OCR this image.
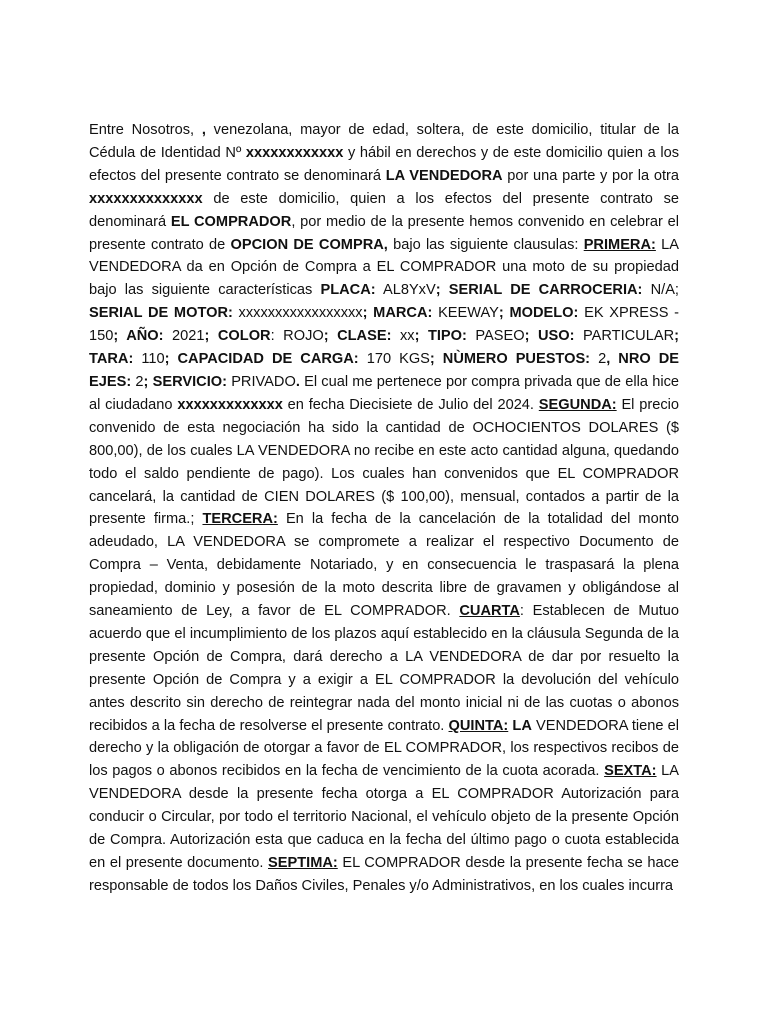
Entre Nosotros, , venezolana, mayor de edad, soltera, de este domicilio, titular de la Cédula de Identidad Nº xxxxxxxxxxxx y hábil en derechos y de este domicilio quien a los efectos del presente contrato se denominará LA VENDEDORA por una parte y por la otra xxxxxxxxxxxxxx de este domicilio, quien a los efectos del presente contrato se denominará EL COMPRADOR, por medio de la presente hemos convenido en celebrar el presente contrato de OPCION DE COMPRA, bajo las siguiente clausulas: PRIMERA: LA VENDEDORA da en Opción de Compra a EL COMPRADOR una moto de su propiedad bajo las siguiente características PLACA: AL8YxV; SERIAL DE CARROCERIA: N/A; SERIAL DE MOTOR: xxxxxxxxxxxxxxxxx; MARCA: KEEWAY; MODELO: EK XPRESS - 150; AÑO: 2021; COLOR: ROJO; CLASE: xx; TIPO: PASEO; USO: PARTICULAR; TARA: 110; CAPACIDAD DE CARGA: 170 KGS; NÙMERO PUESTOS: 2, NRO DE EJES: 2; SERVICIO: PRIVADO. El cual me pertenece por compra privada que de ella hice al ciudadano xxxxxxxxxxxxx en fecha Diecisiete de Julio del 2024. SEGUNDA: El precio convenido de esta negociación ha sido la cantidad de OCHOCIENTOS DOLARES ($ 800,00), de los cuales LA VENDEDORA no recibe en este acto cantidad alguna, quedando todo el saldo pendiente de pago). Los cuales han convenidos que EL COMPRADOR cancelará, la cantidad de CIEN DOLARES ($ 100,00), mensual, contados a partir de la presente firma.; TERCERA: En la fecha de la cancelación de la totalidad del monto adeudado, LA VENDEDORA se compromete a realizar el respectivo Documento de Compra – Venta, debidamente Notariado, y en consecuencia le traspasará la plena propiedad, dominio y posesión de la moto descrita libre de gravamen y obligándose al saneamiento de Ley, a favor de EL COMPRADOR. CUARTA: Establecen de Mutuo acuerdo que el incumplimiento de los plazos aquí establecido en la cláusula Segunda de la presente Opción de Compra, dará derecho a LA VENDEDORA de dar por resuelto la presente Opción de Compra y a exigir a EL COMPRADOR la devolución del vehículo antes descrito sin derecho de reintegrar nada del monto inicial ni de las cuotas o abonos recibidos a la fecha de resolverse el presente contrato. QUINTA: LA VENDEDORA tiene el derecho y la obligación de otorgar a favor de EL COMPRADOR, los respectivos recibos de los pagos o abonos recibidos en la fecha de vencimiento de la cuota acorada. SEXTA: LA VENDEDORA desde la presente fecha otorga a EL COMPRADOR Autorización para conducir o Circular, por todo el territorio Nacional, el vehículo objeto de la presente Opción de Compra. Autorización esta que caduca en la fecha del último pago o cuota establecida en el presente documento. SEPTIMA: EL COMPRADOR desde la presente fecha se hace responsable de todos los Daños Civiles, Penales y/o Administrativos, en los cuales incurra
